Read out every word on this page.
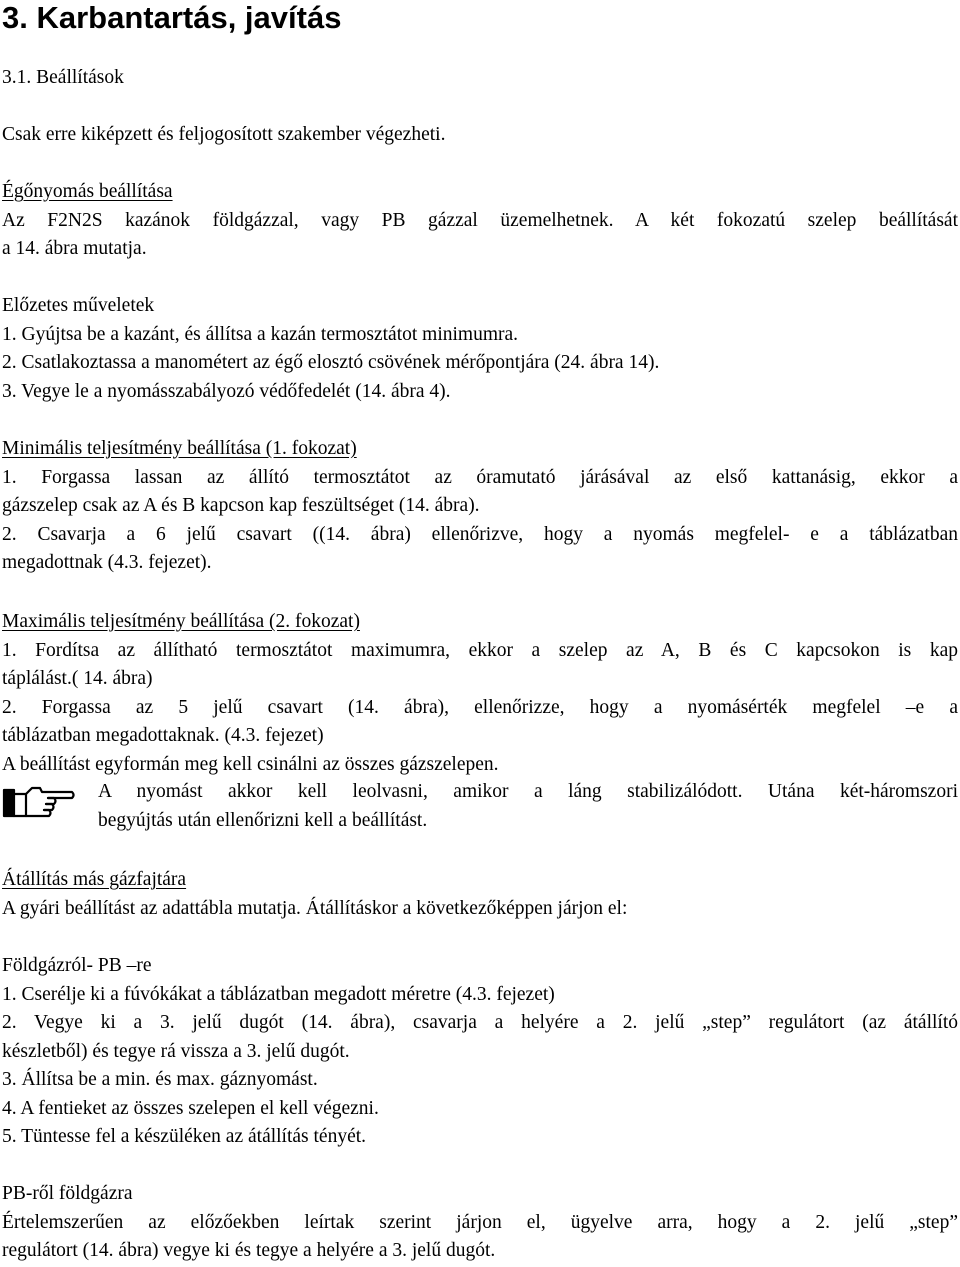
3. Karbantartás, javítás
3.1. Beállítások
Csak erre kiképzett és feljogosított szakember végezheti.
Égőnyomás beállítása
Az F2N2S kazánok földgázzal, vagy PB gázzal üzemelhetnek. A két fokozatú szelep beállítását
a 14. ábra mutatja.
Előzetes műveletek
1. Gyújtsa be a kazánt, és állítsa a kazán termosztátot minimumra.
2. Csatlakoztassa a manométert az égő elosztó csövének mérőpontjára (24. ábra 14).
3. Vegye le a nyomásszabályozó védőfedelét (14. ábra 4).
Minimális teljesítmény beállítása (1. fokozat)
1. Forgassa lassan az állító termosztátot az óramutató járásával az első kattanásig, ekkor a
gázszelep csak az A és B kapcson kap feszültséget (14. ábra).
2. Csavarja a 6 jelű csavart ((14. ábra) ellenőrizve, hogy a nyomás megfelel- e a táblázatban
megadottnak (4.3. fejezet).
Maximális teljesítmény beállítása (2. fokozat)
1. Fordítsa az állítható termosztátot maximumra, ekkor a szelep az A, B és C kapcsokon is kap
táplálást.( 14. ábra)
2. Forgassa az 5 jelű csavart (14. ábra), ellenőrizze, hogy a nyomásérték megfelel –e a
táblázatban megadottaknak. (4.3. fejezet)
A beállítást egyformán meg kell csinálni az összes gázszelepen.
A nyomást akkor kell leolvasni, amikor a láng stabilizálódott. Utána két-háromszori
begyújtás után ellenőrizni kell a beállítást.
Átállítás más gázfajtára
A gyári beállítást az adattábla mutatja. Átállításkor a következőképpen járjon el:
Földgázról- PB –re
1. Cserélje ki a fúvókákat a táblázatban megadott méretre (4.3. fejezet)
2. Vegye ki a 3. jelű dugót (14. ábra), csavarja a helyére a 2. jelű „step” regulátort (az átállító
készletből) és tegye rá vissza a 3. jelű dugót.
3. Állítsa be a min. és max. gáznyomást.
4. A fentieket az összes szelepen el kell végezni.
5. Tüntesse fel a készüléken az átállítás tényét.
PB-ről földgázra
Értelemszerűen az előzőekben leírtak szerint járjon el, ügyelve arra, hogy a 2. jelű „step”
regulátort (14. ábra) vegye ki és tegye a helyére a 3. jelű dugót.
